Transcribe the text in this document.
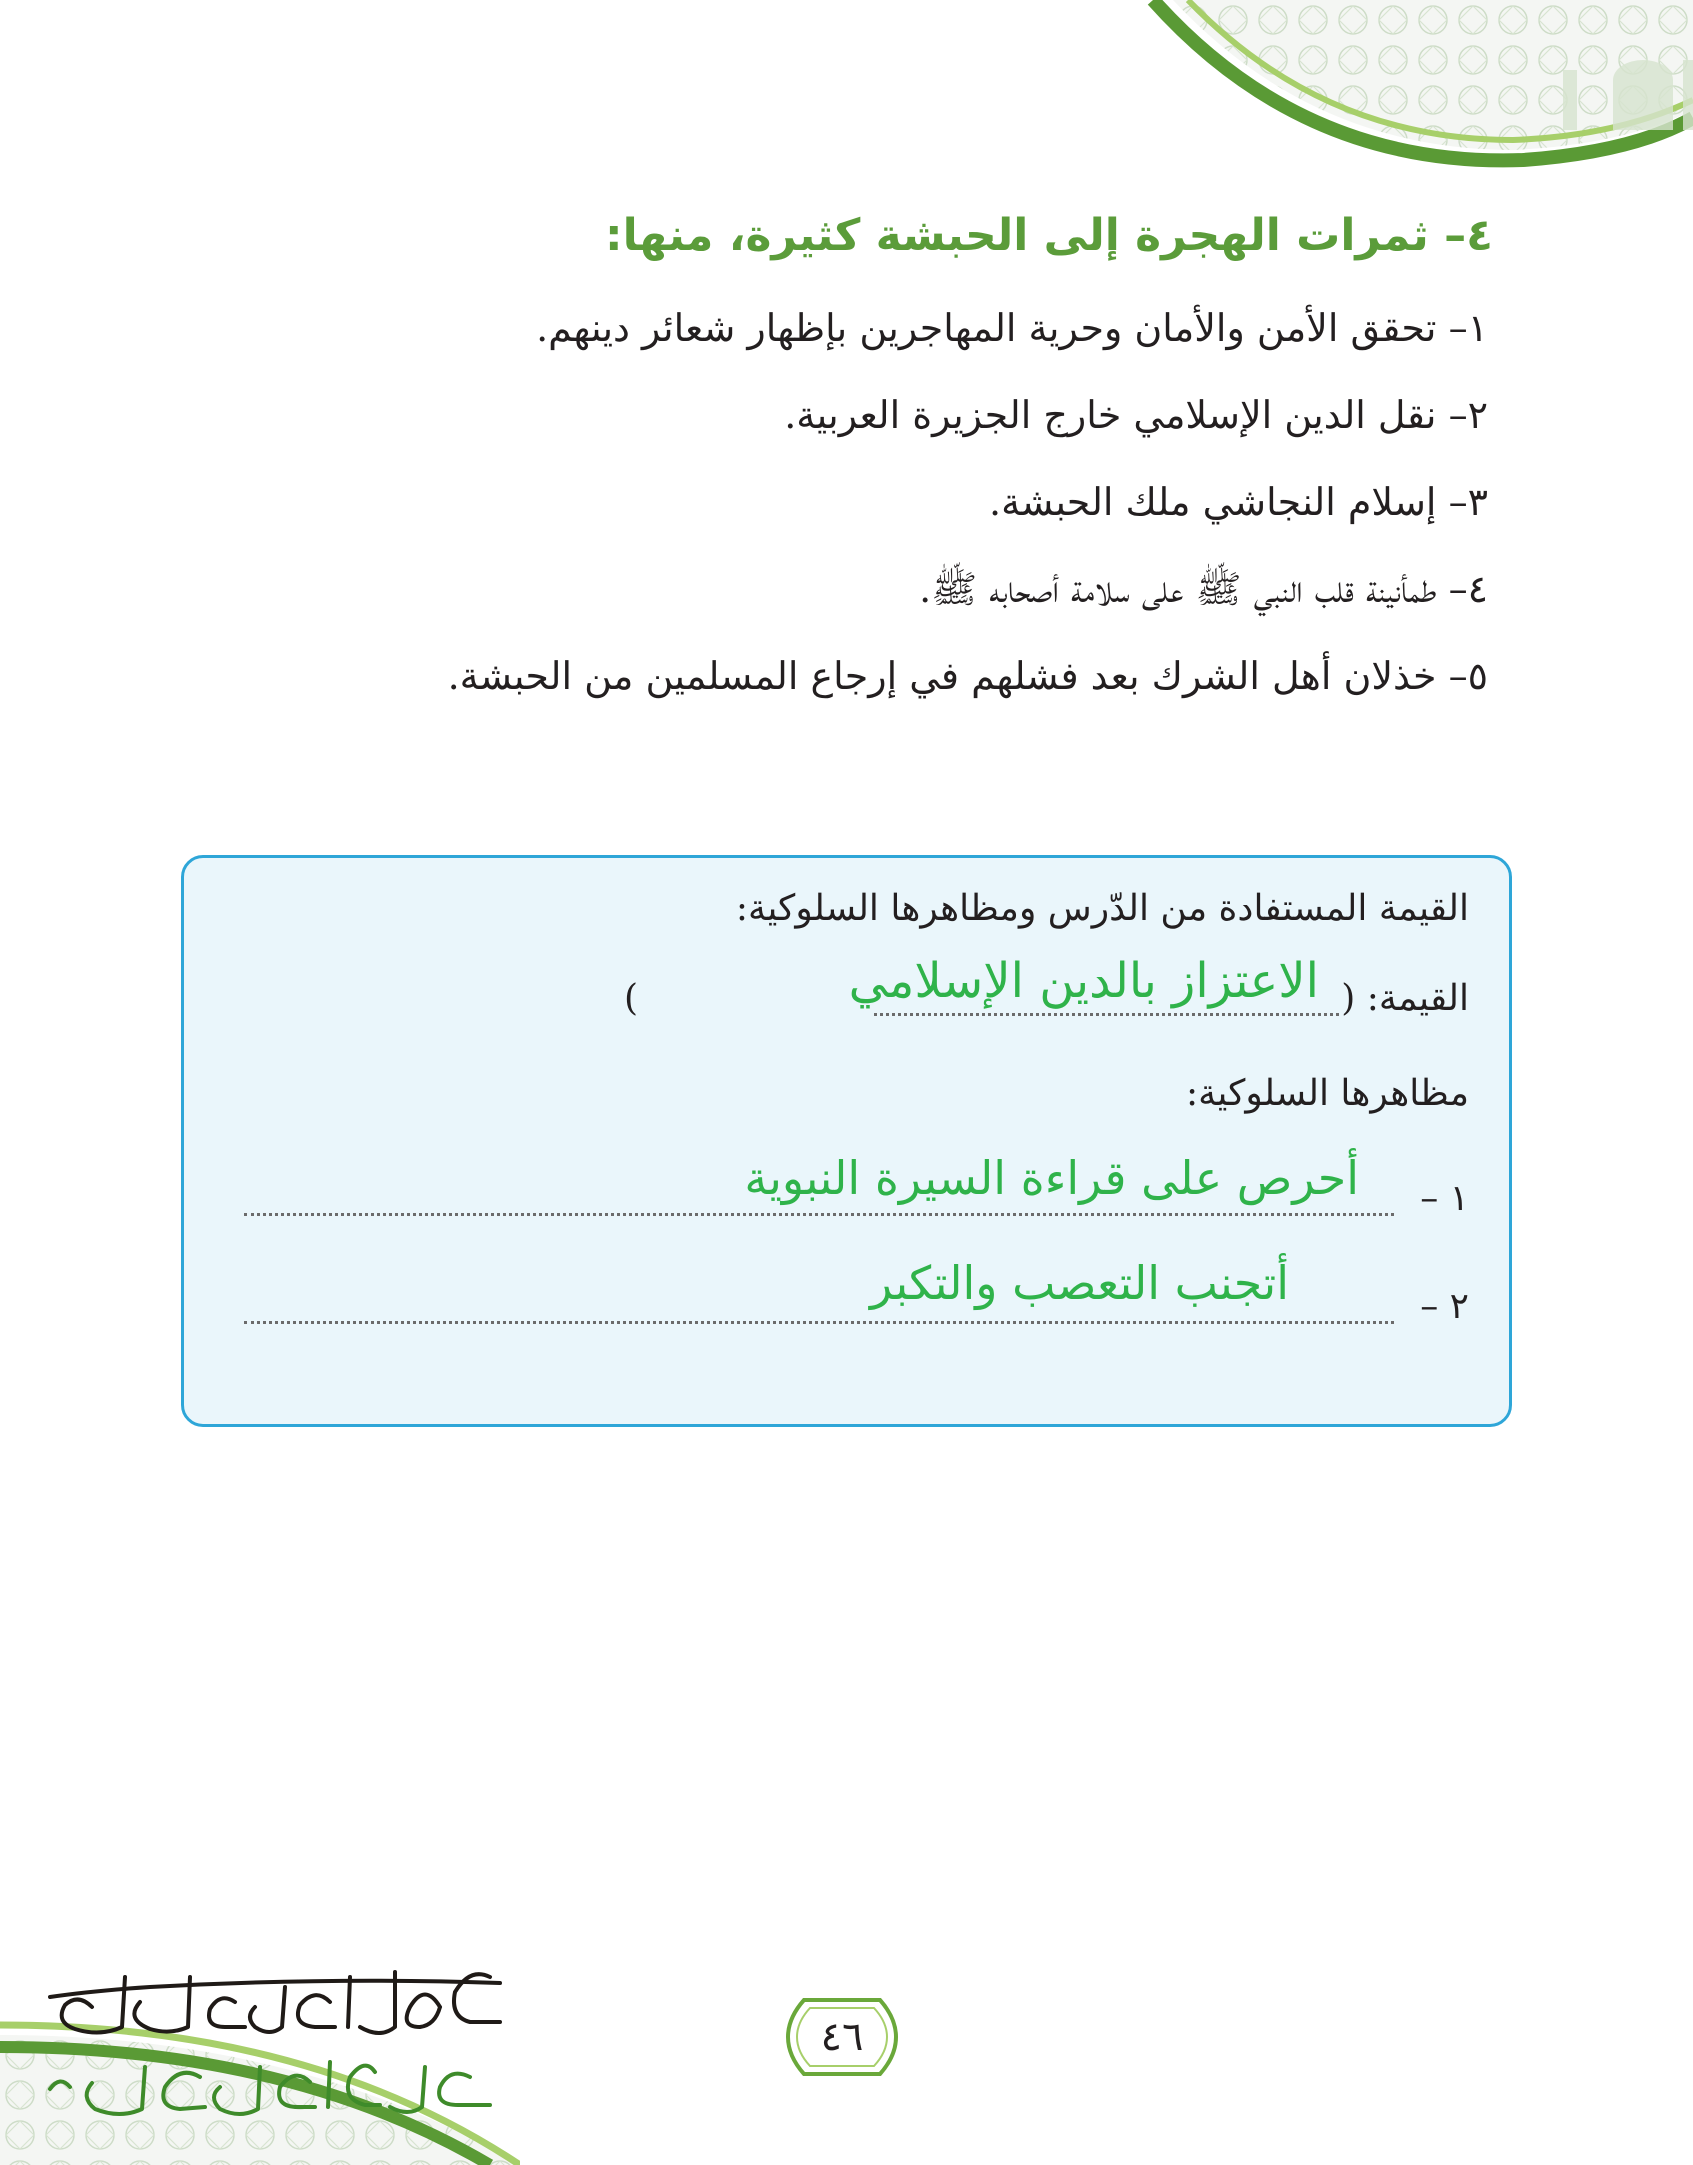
٤– ثمرات الهجرة إلى الحبشة كثيرة، منها:
١– تحقق الأمن والأمان وحرية المهاجرين بإظهار شعائر دينهم.
٢– نقل الدين الإسلامي خارج الجزيرة العربية.
٣– إسلام النجاشي ملك الحبشة.
٤– طمأنينة قلب النبي ﷺ على سلامة أصحابه ﷺ.
٥– خذلان أهل الشرك بعد فشلهم في إرجاع المسلمين من الحبشة.
القيمة المستفادة من الدّرس ومظاهرها السلوكية:
القيمة: (
)	الاعتزاز بالدين الإسلامي
مظاهرها السلوكية:
١ –
أحرص على قراءة السيرة النبوية
٢ –
أتجنب التعصب والتكبر
٤٦
